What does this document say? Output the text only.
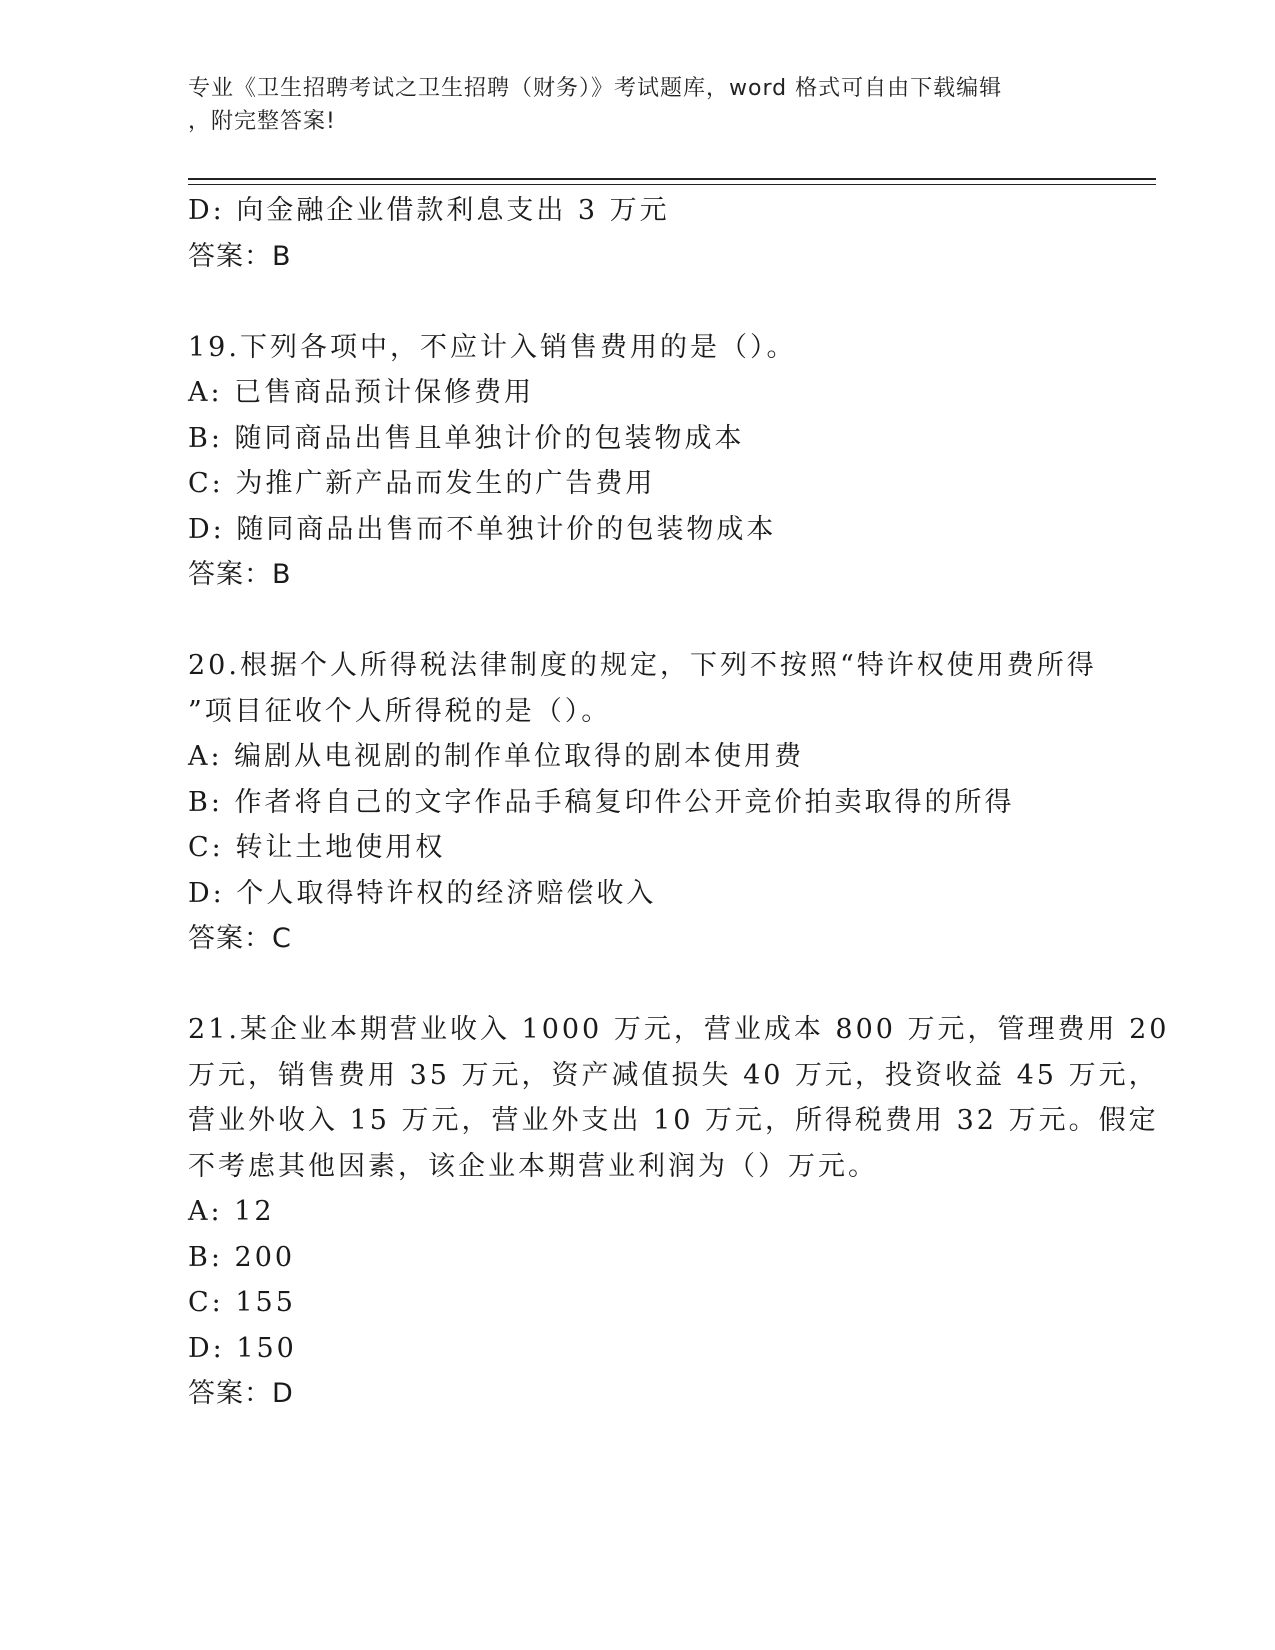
专业《卫生招聘考试之卫生招聘（财务）》考试题库，word 格式可自由下载编辑
，附完整答案!
D: 向金融企业借款利息支出 3 万元
答案：B
19.下列各项中，不应计入销售费用的是（）。
A: 已售商品预计保修费用
B: 随同商品出售且单独计价的包装物成本
C: 为推广新产品而发生的广告费用
D: 随同商品出售而不单独计价的包装物成本
答案：B
20.根据个人所得税法律制度的规定，下列不按照“特许权使用费所得
”项目征收个人所得税的是（）。
A: 编剧从电视剧的制作单位取得的剧本使用费
B: 作者将自己的文字作品手稿复印件公开竞价拍卖取得的所得
C: 转让土地使用权
D: 个人取得特许权的经济赔偿收入
答案：C
21.某企业本期营业收入 1000 万元，营业成本 800 万元，管理费用 20
万元，销售费用 35 万元，资产减值损失 40 万元，投资收益 45 万元，
营业外收入 15 万元，营业外支出 10 万元，所得税费用 32 万元。假定
不考虑其他因素，该企业本期营业利润为（）万元。
A: 12
B: 200
C: 155
D: 150
答案：D
